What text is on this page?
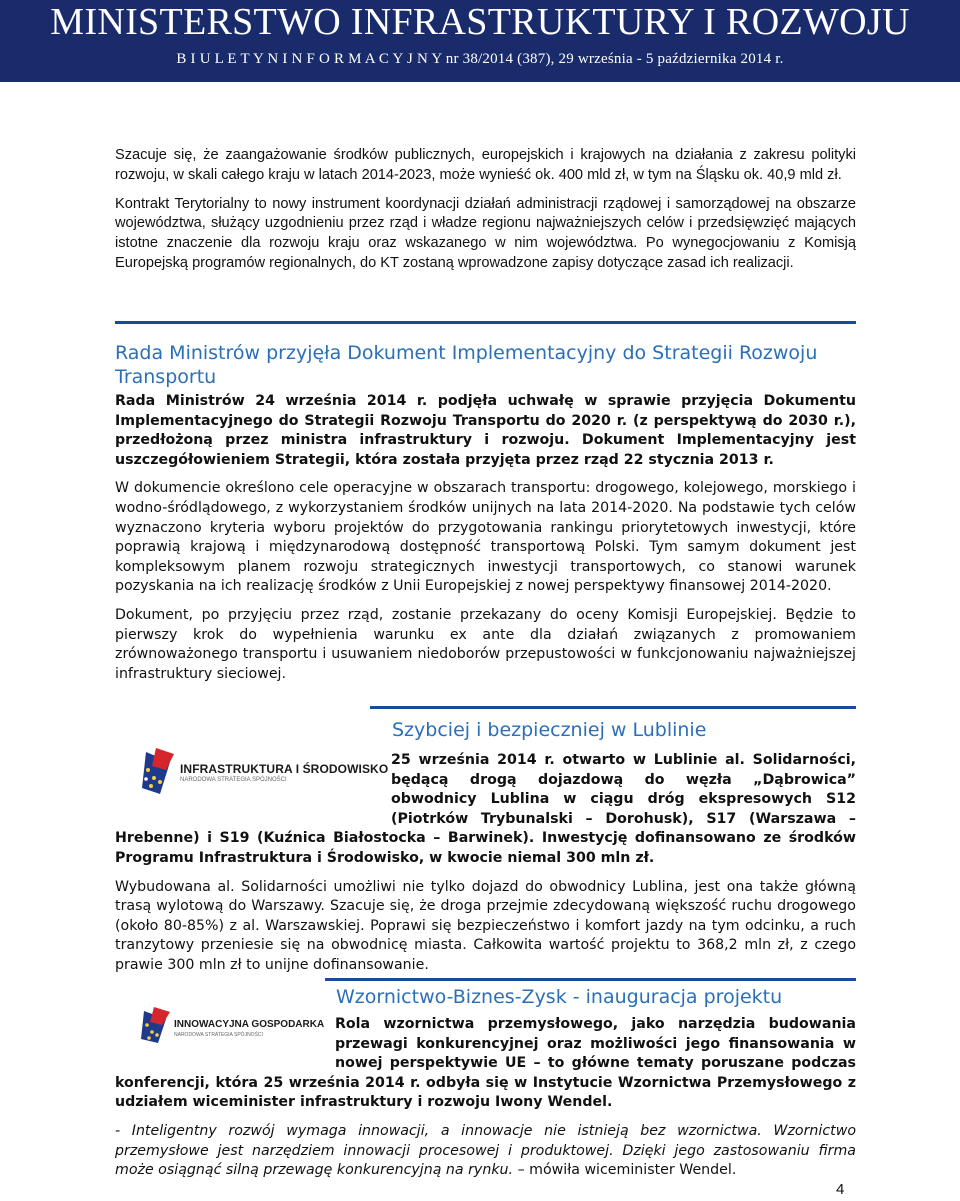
MINISTERSTWO INFRASTRUKTURY I ROZWOJU
B I U L E T Y N I N F O R M A C Y J N Y nr 38/2014 (387), 29 września - 5 października 2014 r.

Szacuje się, że zaangażowanie środków publicznych, europejskich i krajowych na działania z zakresu polityki rozwoju, w skali całego kraju w latach 2014-2023, może wynieść ok. 400 mld zł, w tym na Śląsku ok. 40,9 mld zł.

Kontrakt Terytorialny to nowy instrument koordynacji działań administracji rządowej i samorządowej na obszarze województwa, służący uzgodnieniu przez rząd i władze regionu najważniejszych celów i przedsięwzięć mających istotne znaczenie dla rozwoju kraju oraz wskazanego w nim województwa. Po wynegocjowaniu z Komisją Europejską programów regionalnych, do KT zostaną wprowadzone zapisy dotyczące zasad ich realizacji.

Rada Ministrów przyjęła Dokument Implementacyjny do Strategii Rozwoju Transportu

Rada Ministrów 24 września 2014 r. podjęła uchwałę w sprawie przyjęcia Dokumentu Implementacyjnego do Strategii Rozwoju Transportu do 2020 r. (z perspektywą do 2030 r.), przedłożoną przez ministra infrastruktury i rozwoju. Dokument Implementacyjny jest uszczegółowieniem Strategii, która została przyjęta przez rząd 22 stycznia 2013 r.

W dokumencie określono cele operacyjne w obszarach transportu: drogowego, kolejowego, morskiego i wodno-śródlądowego, z wykorzystaniem środków unijnych na lata 2014-2020. Na podstawie tych celów wyznaczono kryteria wyboru projektów do przygotowania rankingu priorytetowych inwestycji, które poprawią krajową i międzynarodową dostępność transportową Polski. Tym samym dokument jest kompleksowym planem rozwoju strategicznych inwestycji transportowych, co stanowi warunek pozyskania na ich realizację środków z Unii Europejskiej z nowej perspektywy finansowej 2014-2020.

Dokument, po przyjęciu przez rząd, zostanie przekazany do oceny Komisji Europejskiej. Będzie to pierwszy krok do wypełnienia warunku ex ante dla działań związanych z promowaniem zrównoważonego transportu i usuwaniem niedoborów przepustowości w funkcjonowaniu najważniejszej infrastruktury sieciowej.

Szybciej i bezpieczniej w Lublinie
INFRASTRUKTURA I ŚRODOWISKO
NARODOWA STRATEGIA SPÓJNOŚCI

25 września 2014 r. otwarto w Lublinie al. Solidarności, będącą drogą dojazdową do węzła „Dąbrowica” obwodnicy Lublina w ciągu dróg ekspresowych S12 (Piotrków Trybunalski – Dorohusk), S17 (Warszawa – Hrebenne) i S19 (Kuźnica Białostocka – Barwinek). Inwestycję dofinansowano ze środków Programu Infrastruktura i Środowisko, w kwocie niemal 300 mln zł.

Wybudowana al. Solidarności umożliwi nie tylko dojazd do obwodnicy Lublina, jest ona także główną trasą wylotową do Warszawy. Szacuje się, że droga przejmie zdecydowaną większość ruchu drogowego (około 80-85%) z al. Warszawskiej. Poprawi się bezpieczeństwo i komfort jazdy na tym odcinku, a ruch tranzytowy przeniesie się na obwodnicę miasta. Całkowita wartość projektu to 368,2 mln zł, z czego prawie 300 mln zł to unijne dofinansowanie.

Wzornictwo-Biznes-Zysk - inauguracja projektu
INNOWACYJNA GOSPODARKA
NARODOWA STRATEGIA SPÓJNOŚCI

Rola wzornictwa przemysłowego, jako narzędzia budowania przewagi konkurencyjnej oraz możliwości jego finansowania w nowej perspektywie UE – to główne tematy poruszane podczas konferencji, która 25 września 2014 r. odbyła się w Instytucie Wzornictwa Przemysłowego z udziałem wiceminister infrastruktury i rozwoju Iwony Wendel.

- Inteligentny rozwój wymaga innowacji, a innowacje nie istnieją bez wzornictwa. Wzornictwo przemysłowe jest narzędziem innowacji procesowej i produktowej. Dzięki jego zastosowaniu firma może osiągnąć silną przewagę konkurencyjną na rynku. – mówiła wiceminister Wendel.

4
